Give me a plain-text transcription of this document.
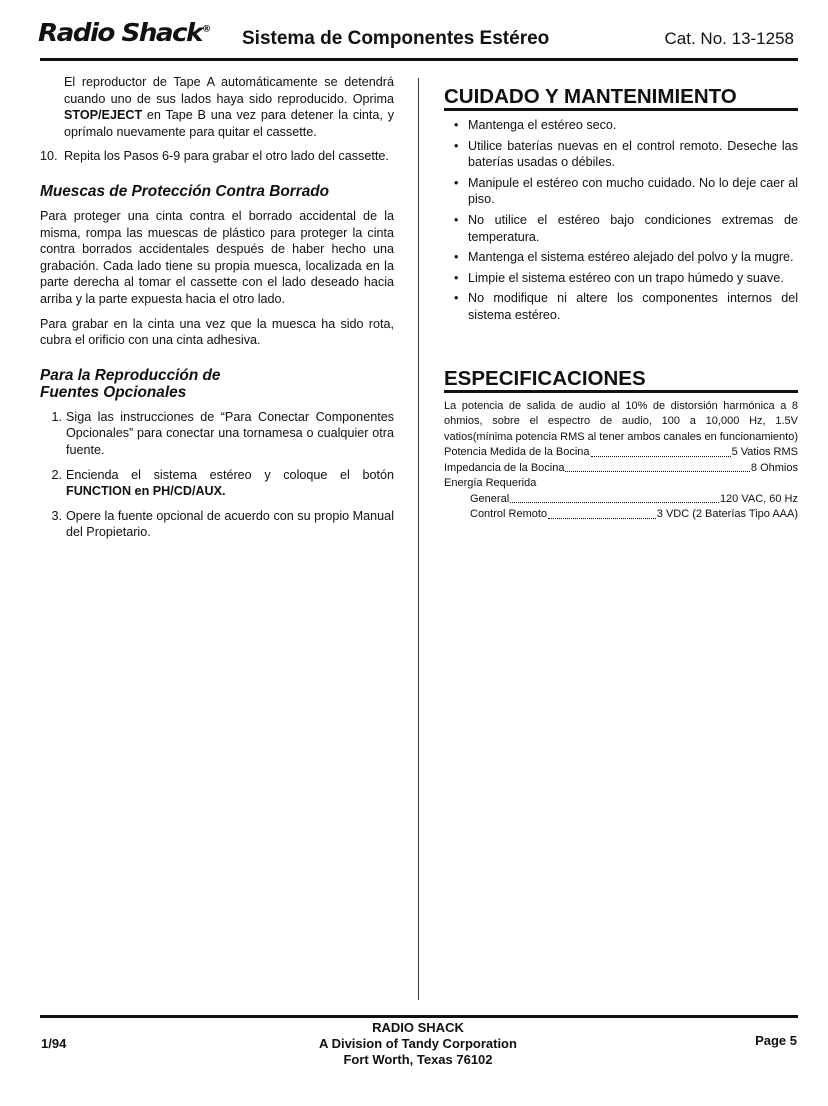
Radio Shack® Sistema de Componentes Estéreo	Cat. No. 13-1258

El reproductor de Tape A automáticamente se detendrá cuando uno de sus lados haya sido reproducido. Oprima STOP/EJECT en Tape B una vez para detener la cinta, y oprímalo nuevamente para quitar el cassette.

10. Repita los Pasos 6-9 para grabar el otro lado del cassette.
Muescas de Protección Contra Borrado

Para proteger una cinta contra el borrado accidental de la misma, rompa las muescas de plástico para proteger la cinta contra borrados accidentales después de haber hecho una grabación. Cada lado tiene su propia muesca, localizada en la parte derecha al tomar el cassette con el lado deseado hacia arriba y la parte expuesta hacia el otro lado.

Para grabar en la cinta una vez que la muesca ha sido rota, cubra el orificio con una cinta adhesiva.

Para la Reproducción de
Fuentes Opcionales
1. Siga las instrucciones de “Para Conectar Componentes Opcionales” para conectar una tornamesa o cualquier otra fuente.
2. Encienda el sistema estéreo y coloque el botón FUNCTION en PH/CD/AUX.
3. Opere la fuente opcional de acuerdo con su propio Manual del Propietario.
CUIDADO Y MANTENIMIENTO
• Mantenga el estéreo seco.
• Utilice baterías nuevas en el control remoto. Deseche las baterías usadas o débiles.
• Manipule el estéreo con mucho cuidado. No lo deje caer al piso.
• No utilice el estéreo bajo condiciones extremas de temperatura.
• Mantenga el sistema estéreo alejado del polvo y la mugre.
• Limpie el sistema estéreo con un trapo húmedo y suave.
• No modifique ni altere los componentes internos del sistema estéreo.
ESPECIFICACIONES

La potencia de salida de audio al 10% de distorsión harmónica a 8 ohmios, sobre el espectro de audio, 100 a 10,000 Hz, 1.5V vatios(mínima potencia RMS al tener ambos canales en funcionamiento)

Potencia Medida de la Bocina	5 Vatios RMS
Impedancia de la Bocina	8 Ohmios
Energía Requerida
General	120 VAC, 60 Hz
Control Remoto	3 VDC (2 Baterías Tipo AAA)
1/94
RADIO SHACK
A Division of Tandy Corporation
Fort Worth, Texas 76102
Page 5
